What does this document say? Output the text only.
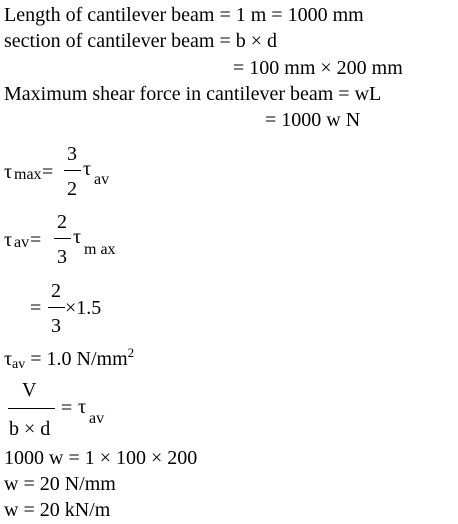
Length of cantilever beam = 1 m = 1000 mm
section of cantilever beam = b × d
= 100 mm × 200 mm
Maximum shear force in cantilever beam = wL
= 1000 w N
τ max =
3
2
τ av
τ av =
2
3
τ
m ax
=
2
3
×1.5
τav = 1.0 $N/mm^2$
V
b × d
= τ
av
1000 w = 1 × 100 × 200
w = 20 N/mm
w = 20 kN/m
